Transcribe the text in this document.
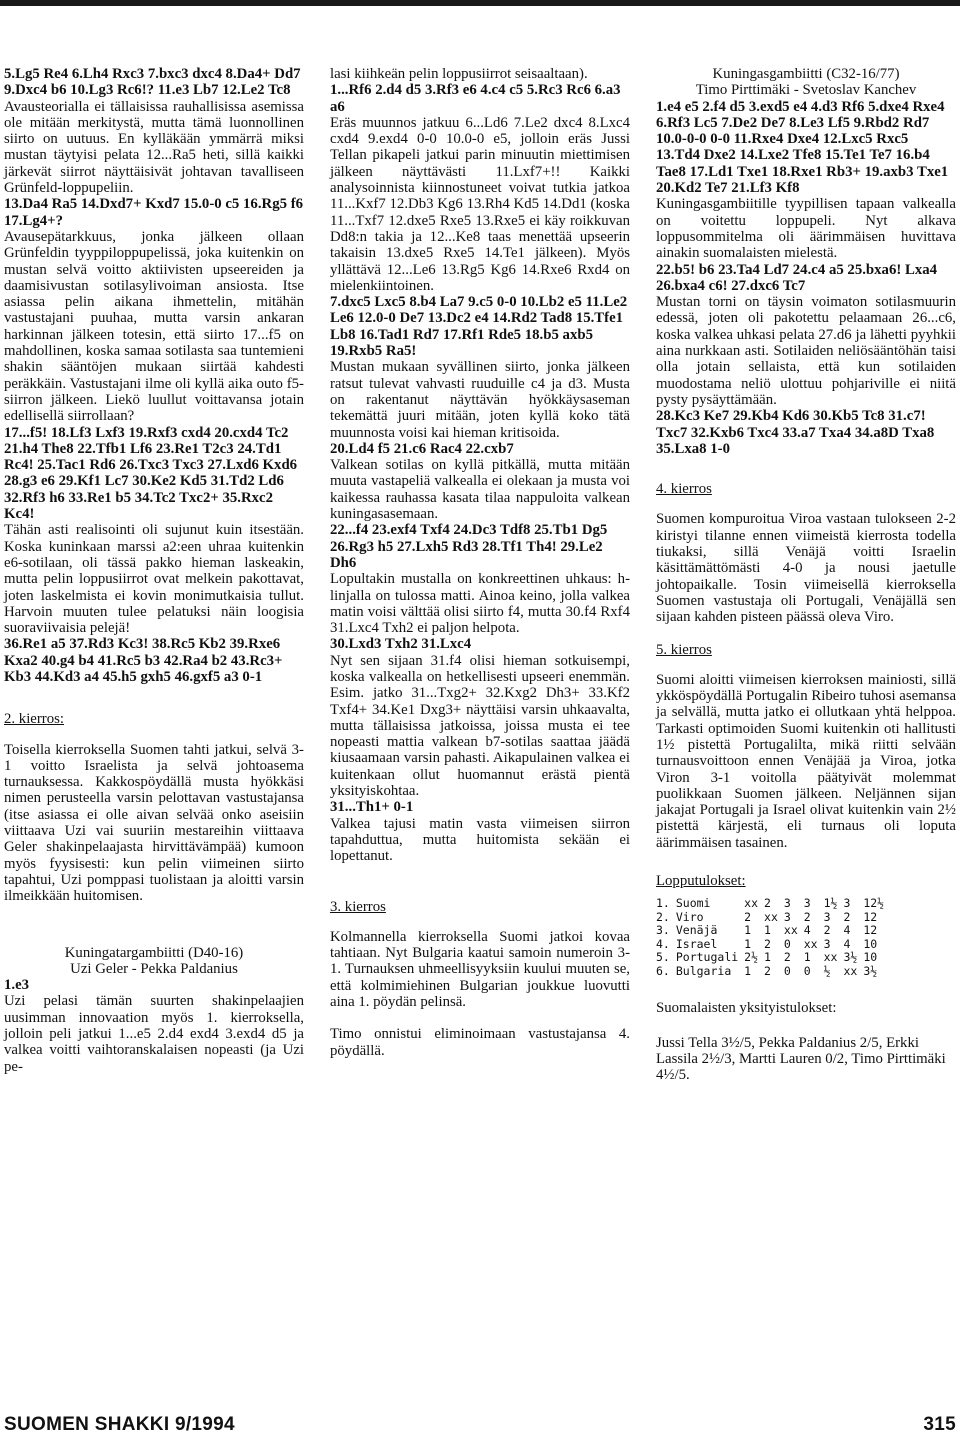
5.Lg5 Re4 6.Lh4 Rxc3 7.bxc3 dxc4 8.Da4+ Dd7 9.Dxc4 b6 10.Lg3 Rc6!? 11.e3 Lb7 12.Le2 Tc8

Avausteorialla ei tällaisissa rauhallisissa asemissa ole mitään merkitystä, mutta tämä luonnollinen siirto on uutuus. En kylläkään ymmärrä miksi mustan täytyisi pelata 12...Ra5 heti, sillä kaikki järkevät siirrot näyttäisivät johtavan tavalliseen Grünfeld-loppupeliin.

13.Da4 Ra5 14.Dxd7+ Kxd7 15.0-0 c5 16.Rg5 f6 17.Lg4+?

Avausepätarkkuus, jonka jälkeen ollaan Grünfeldin tyyppiloppupelissä, joka kuitenkin on mustan selvä voitto aktiivisten upseereiden ja daamisivustan sotilasylivoiman ansiosta. Itse asiassa pelin aikana ihmettelin, mitähän vastustajani puuhaa, mutta varsin ankaran harkinnan jälkeen totesin, että siirto 17...f5 on mahdollinen, koska samaa sotilasta saa tuntemieni shakin sääntöjen mukaan siirtää kahdesti peräkkäin. Vastustajani ilme oli kyllä aika outo f5-siirron jälkeen. Liekö luullut voittavansa jotain edellisellä siirrollaan?

17...f5! 18.Lf3 Lxf3 19.Rxf3 cxd4 20.cxd4 Tc2 21.h4 The8 22.Tfb1 Lf6 23.Re1 T2c3 24.Td1 Rc4! 25.Tac1 Rd6 26.Txc3 Txc3 27.Lxd6 Kxd6 28.g3 e6 29.Kf1 Lc7 30.Ke2 Kd5 31.Td2 Ld6 32.Rf3 h6 33.Re1 b5 34.Tc2 Txc2+ 35.Rxc2 Kc4!

Tähän asti realisointi oli sujunut kuin itsestään. Koska kuninkaan marssi a2:een uhraa kuitenkin e6-sotilaan, oli tässä pakko hieman laskeakin, mutta pelin loppusiirrot ovat melkein pakottavat, joten laskelmista ei kovin monimutkaisia tullut. Harvoin muuten tulee pelatuksi näin loogisia suoraviivaisia pelejä!

36.Re1 a5 37.Rd3 Kc3! 38.Rc5 Kb2 39.Rxe6 Kxa2 40.g4 b4 41.Rc5 b3 42.Ra4 b2 43.Rc3+ Kb3 44.Kd3 a4 45.h5 gxh5 46.gxf5 a3 0-1

2. kierros:

Toisella kierroksella Suomen tahti jatkui, selvä 3-1 voitto Israelista ja selvä johtoasema turnauksessa. Kakkospöydällä musta hyökkäsi nimen perusteella varsin pelottavan vastustajansa (itse asiassa ei olle aivan selvää onko aseisiin viittaava Uzi vai suuriin mestareihin viittaava Geler shakinpelaajasta hirvittävämpää) kumoon myös fyysisesti: kun pelin viimeinen siirto tapahtui, Uzi pomppasi tuolistaan ja aloitti varsin ilmeikkään huitomisen.

Kuningatargambiitti (D40-16)

Uzi Geler - Pekka Paldanius

1.e3

Uzi pelasi tämän suurten shakinpelaajien uusimman innovaation myös 1. kierroksella, jolloin peli jatkui 1...e5 2.d4 exd4 3.exd4 d5 ja valkea voitti vaihtoranskalaisen nopeasti (ja Uzi pe-

lasi kiihkeän pelin loppusiirrot seisaaltaan).

1...Rf6 2.d4 d5 3.Rf3 e6 4.c4 c5 5.Rc3 Rc6 6.a3 a6

Eräs muunnos jatkuu 6...Ld6 7.Le2 dxc4 8.Lxc4 cxd4 9.exd4 0-0 10.0-0 e5, jolloin eräs Jussi Tellan pikapeli jatkui parin minuutin miettimisen jälkeen näyttävästi 11.Lxf7+!! Kaikki analysoinnista kiinnostuneet voivat tutkia jatkoa 11...Kxf7 12.Db3 Kg6 13.Rh4 Kd5 14.Dd1 (koska 11...Txf7 12.dxe5 Rxe5 13.Rxe5 ei käy roikkuvan Dd8:n takia ja 12...Ke8 taas menettää upseerin takaisin 13.dxe5 Rxe5 14.Te1 jälkeen). Myös yllättävä 12...Le6 13.Rg5 Kg6 14.Rxe6 Rxd4 on mielenkiintoinen.

7.dxc5 Lxc5 8.b4 La7 9.c5 0-0 10.Lb2 e5 11.Le2 Le6 12.0-0 De7 13.Dc2 e4 14.Rd2 Tad8 15.Tfe1 Lb8 16.Tad1 Rd7 17.Rf1 Rde5 18.b5 axb5 19.Rxb5 Ra5!

Mustan mukaan syvällinen siirto, jonka jälkeen ratsut tulevat vahvasti ruuduille c4 ja d3. Musta on rakentanut näyttävän hyökkäysaseman tekemättä juuri mitään, joten kyllä koko tätä muunnosta voisi kai hieman kritisoida.

20.Ld4 f5 21.c6 Rac4 22.cxb7

Valkean sotilas on kyllä pitkällä, mutta mitään muuta vastapeliä valkealla ei olekaan ja musta voi kaikessa rauhassa kasata tilaa nappuloita valkean kuningasasemaan.

22...f4 23.exf4 Txf4 24.Dc3 Tdf8 25.Tb1 Dg5 26.Rg3 h5 27.Lxh5 Rd3 28.Tf1 Th4! 29.Le2 Dh6

Lopultakin mustalla on konkreettinen uhkaus: h-linjalla on tulossa matti. Ainoa keino, jolla valkea matin voisi välttää olisi siirto f4, mutta 30.f4 Rxf4 31.Lxc4 Txh2 ei paljon helpota.

30.Lxd3 Txh2 31.Lxc4

Nyt sen sijaan 31.f4 olisi hieman sotkuisempi, koska valkealla on hetkellisesti upseeri enemmän. Esim. jatko 31...Txg2+ 32.Kxg2 Dh3+ 33.Kf2 Txf4+ 34.Ke1 Dxg3+ näyttäisi varsin uhkaavalta, mutta tällaisissa jatkoissa, joissa musta ei tee nopeasti mattia valkean b7-sotilas saattaa jäädä kiusaamaan varsin pahasti. Aikapulainen valkea ei kuitenkaan ollut huomannut erästä pientä yksityiskohtaa.

31...Th1+ 0-1

Valkea tajusi matin vasta viimeisen siirron tapahduttua, mutta huitomista sekään ei lopettanut.

3. kierros

Kolmannella kierroksella Suomi jatkoi kovaa tahtiaan. Nyt Bulgaria kaatui samoin numeroin 3-1. Turnauksen uhmeellisyyksiin kuului muuten se, että kolmimiehinen Bulgarian joukkue luovutti aina 1. pöydän pelinsä.

Timo onnistui eliminoimaan vastustajansa 4. pöydällä.

Kuningasgambiitti (C32-16/77)

Timo Pirttimäki - Svetoslav Kanchev

1.e4 e5 2.f4 d5 3.exd5 e4 4.d3 Rf6 5.dxe4 Rxe4 6.Rf3 Lc5 7.De2 De7 8.Le3 Lf5 9.Rbd2 Rd7 10.0-0-0 0-0 11.Rxe4 Dxe4 12.Lxc5 Rxc5 13.Td4 Dxe2 14.Lxe2 Tfe8 15.Te1 Te7 16.b4 Tae8 17.Ld1 Txe1 18.Rxe1 Rb3+ 19.axb3 Txe1 20.Kd2 Te7 21.Lf3 Kf8

Kuningasgambiitille tyypillisen tapaan valkealla on voitettu loppupeli. Nyt alkava loppusommitelma oli äärimmäisen huvittava ainakin suomalaisten mielestä.

22.b5! b6 23.Ta4 Ld7 24.c4 a5 25.bxa6! Lxa4 26.bxa4 c6! 27.dxc6 Tc7

Mustan torni on täysin voimaton sotilasmuurin edessä, joten oli pakotettu pelaamaan 26...c6, koska valkea uhkasi pelata 27.d6 ja lähetti pyyhkii aina nurkkaan asti. Sotilaiden neliösääntöhän taisi olla jotain sellaista, että kun sotilaiden muodostama neliö ulottuu pohjariville ei niitä pysty pysäyttämään.

28.Kc3 Ke7 29.Kb4 Kd6 30.Kb5 Tc8 31.c7! Txc7 32.Kxb6 Txc4 33.a7 Txa4 34.a8D Txa8 35.Lxa8 1-0

4. kierros

Suomen kompuroitua Viroa vastaan tulokseen 2-2 kiristyi tilanne ennen viimeistä kierrosta todella tiukaksi, sillä Venäjä voitti Israelin käsittämättömästi 4-0 ja nousi jaetulle johtopaikalle. Tosin viimeisellä kierroksella Suomen vastustaja oli Portugali, Venäjällä sen sijaan kahden pisteen päässä oleva Viro.

5. kierros

Suomi aloitti viimeisen kierroksen mainiosti, sillä ykköspöydällä Portugalin Ribeiro tuhosi asemansa ja selvällä, mutta jatko ei ollutkaan yhtä helppoa. Tarkasti optimoiden Suomi kuitenkin oti hallitusti 1½ pistettä Portugalilta, mikä riitti selvään turnausvoittoon ennen Venäjää ja Viroa, jotka Viron 3-1 voitolla päätyivät molemmat puolikkaan Suomen jälkeen. Neljännen sijan jakajat Portugali ja Israel olivat kuitenkin vain 2½ pistettä kärjestä, eli turnaus oli loputa äärimmäisen tasainen.

Lopputulokset:

1.	Suomi	xx	2	3	3	1½	3	12½
2.	Viro	2	xx	3	2	3	2	12
3.	Venäjä	1	1	xx	4	2	4	12
4.	Israel	1	2	0	xx	3	4	10
5.	Portugali	2½	1	2	1	xx	3½	10
6.	Bulgaria	1	2	0	0	½	xx	3½

Suomalaisten yksityistulokset:

Jussi Tella 3½/5, Pekka Paldanius 2/5, Erkki Lassila 2½/3, Martti Lauren 0/2, Timo Pirttimäki 4½/5.

SUOMEN SHAKKI 9/1994	315
